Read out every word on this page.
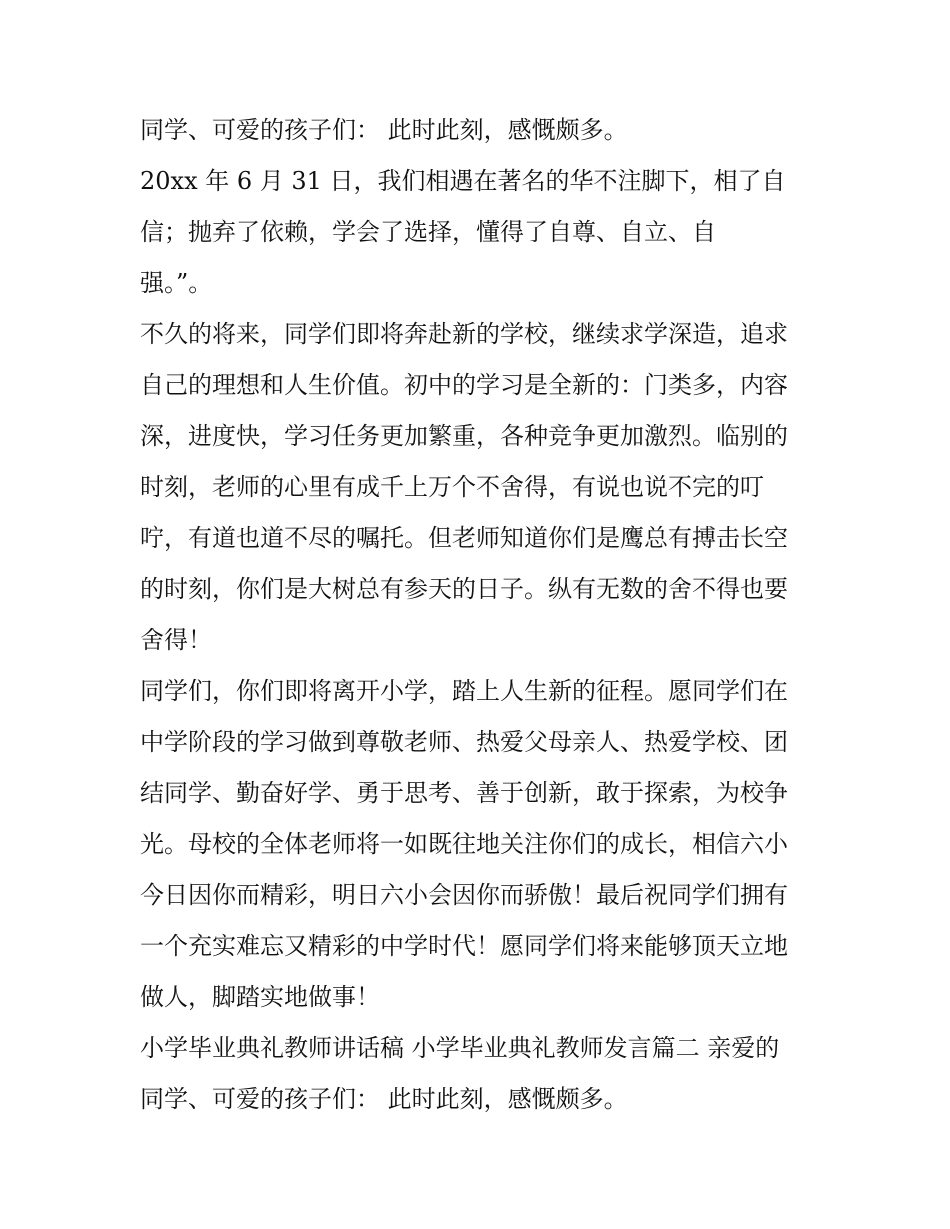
同学、可爱的孩子们： 此时此刻，感慨颇多。

20xx 年 6 月 31 日，我们相遇在著名的华不注脚下，相了自
信；抛弃了依赖，学会了选择，懂得了自尊、自立、自
强。”。

不久的将来，同学们即将奔赴新的学校，继续求学深造，追求
自己的理想和人生价值。初中的学习是全新的：门类多，内容
深，进度快，学习任务更加繁重，各种竞争更加激烈。临别的
时刻，老师的心里有成千上万个不舍得，有说也说不完的叮
咛，有道也道不尽的嘱托。但老师知道你们是鹰总有搏击长空
的时刻，你们是大树总有参天的日子。纵有无数的舍不得也要
舍得！

同学们，你们即将离开小学，踏上人生新的征程。愿同学们在
中学阶段的学习做到尊敬老师、热爱父母亲人、热爱学校、团
结同学、勤奋好学、勇于思考、善于创新，敢于探索，为校争
光。母校的全体老师将一如既往地关注你们的成长，相信六小
今日因你而精彩，明日六小会因你而骄傲！最后祝同学们拥有
一个充实难忘又精彩的中学时代！愿同学们将来能够顶天立地
做人，脚踏实地做事！

小学毕业典礼教师讲话稿 小学毕业典礼教师发言篇二 亲爱的
同学、可爱的孩子们： 此时此刻，感慨颇多。
